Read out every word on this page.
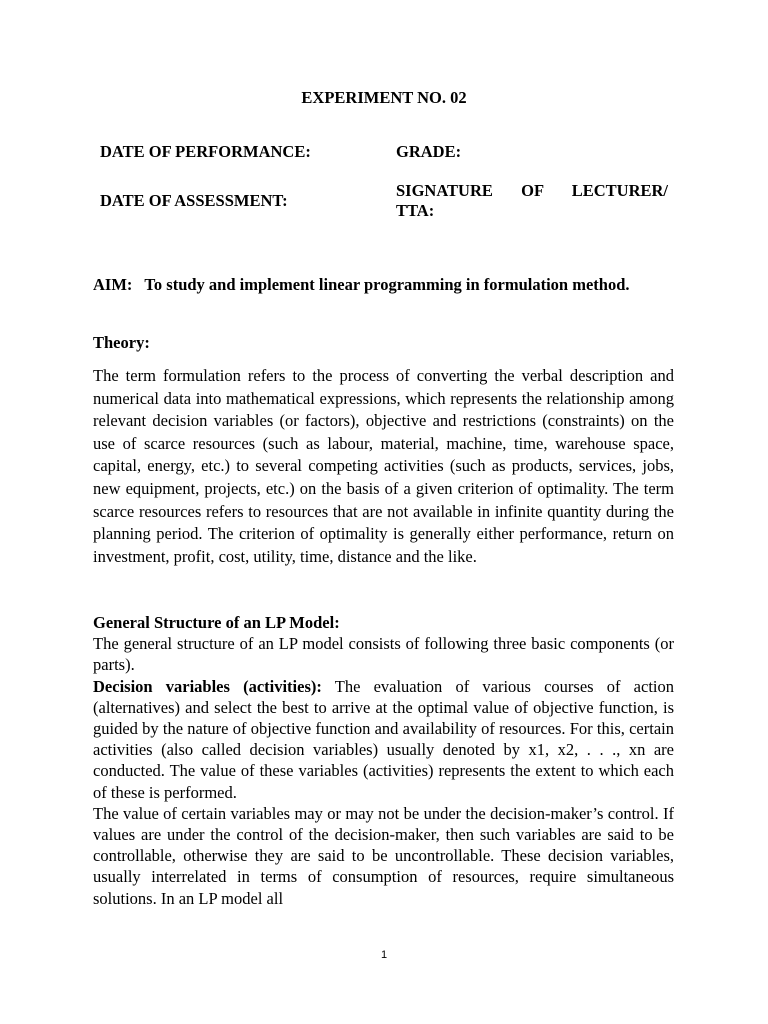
EXPERIMENT NO. 02
DATE OF PERFORMANCE:	GRADE:
DATE OF ASSESSMENT:
SIGNATURE OF LECTURER/
TTA:
AIM: To study and implement linear programming in formulation method.
Theory:
The term formulation refers to the process of converting the verbal description and numerical data into mathematical expressions, which represents the relationship among relevant decision variables (or factors), objective and restrictions (constraints) on the use of scarce resources (such as labour, material, machine, time, warehouse space, capital, energy, etc.) to several competing activities (such as products, services, jobs, new equipment, projects, etc.) on the basis of a given criterion of optimality. The term scarce resources refers to resources that are not available in infinite quantity during the planning period. The criterion of optimality is generally either performance, return on investment, profit, cost, utility, time, distance and the like.

General Structure of an LP Model:

The general structure of an LP model consists of following three basic components (or parts).

Decision variables (activities): The evaluation of various courses of action (alternatives) and select the best to arrive at the optimal value of objective function, is guided by the nature of objective function and availability of resources. For this, certain activities (also called decision variables) usually denoted by x1, x2, . . ., xn are conducted. The value of these variables (activities) represents the extent to which each of these is performed.

The value of certain variables may or may not be under the decision-maker’s control. If values are under the control of the decision-maker, then such variables are said to be controllable, otherwise they are said to be uncontrollable. These decision variables, usually interrelated in terms of consumption of resources, require simultaneous solutions. In an LP model all

1
